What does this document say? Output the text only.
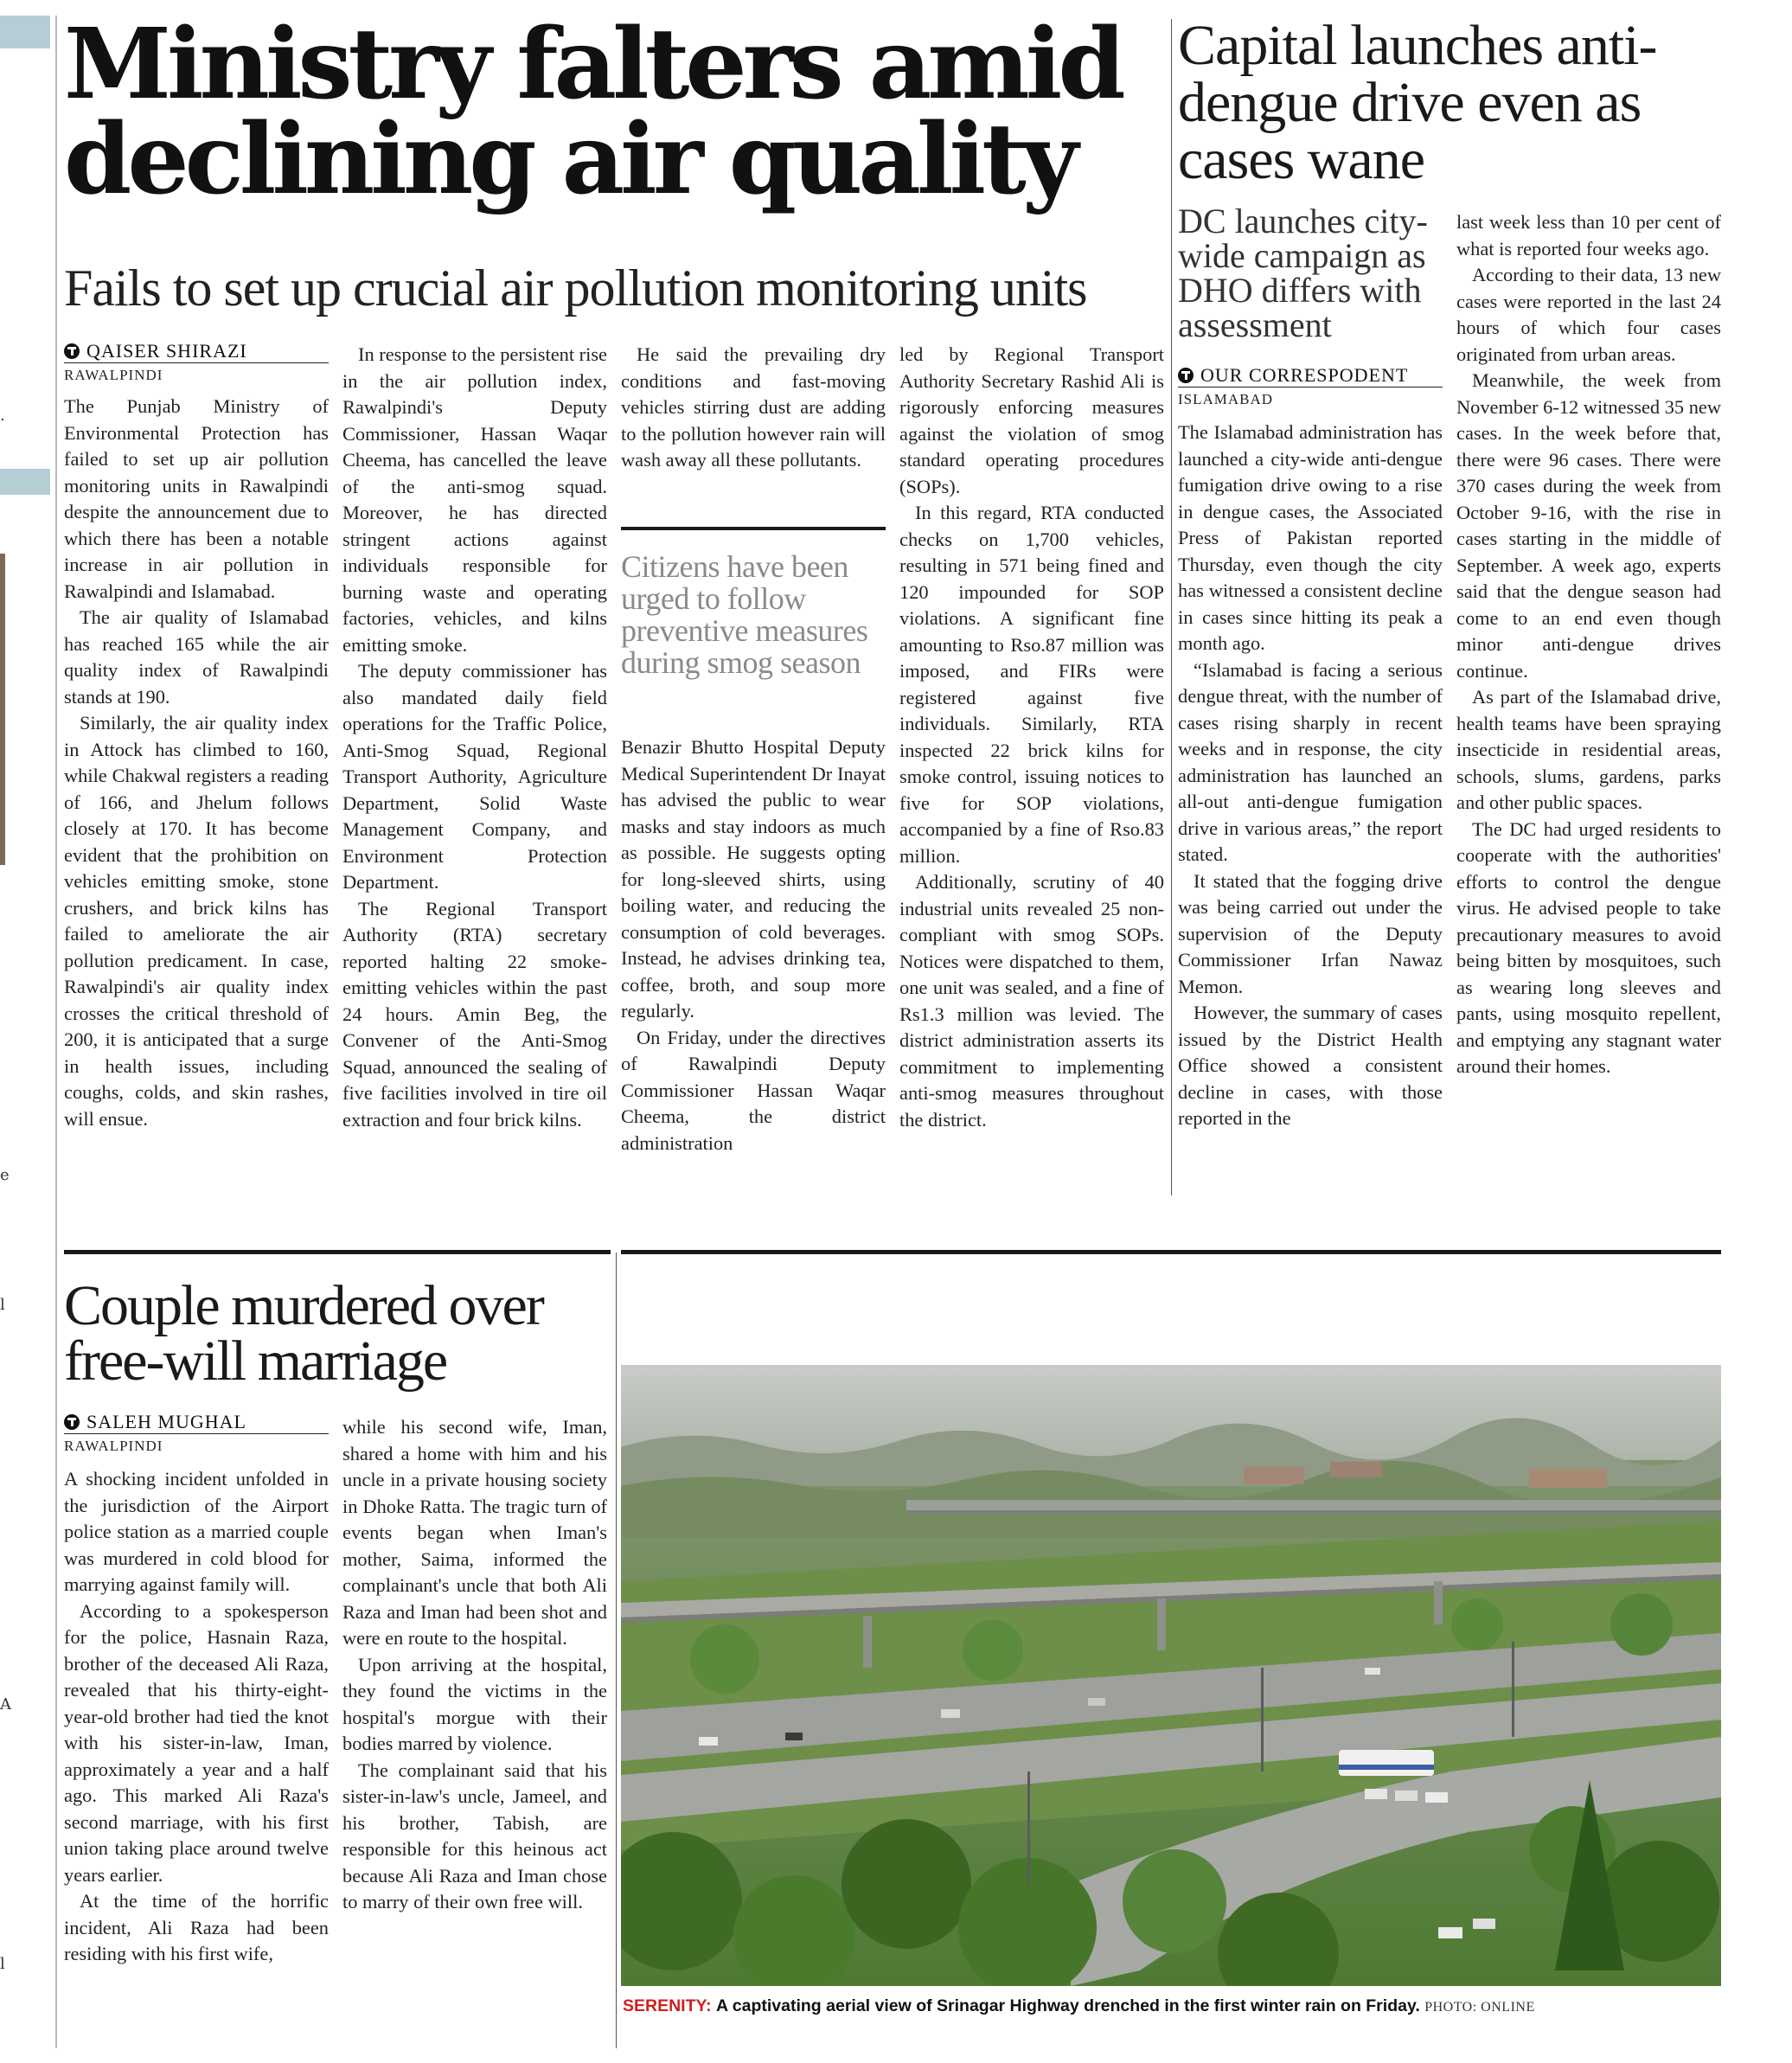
.
e
l
A
l
Ministry falters amid
declining air quality
Fails to set up crucial air pollution monitoring units
QAISER SHIRAZI
RAWALPINDI

The Punjab Ministry of Environmental Protection has failed to set up air pollution monitoring units in Rawalpindi despite the announcement due to which there has been a notable increase in air pollution in Rawalpindi and Islamabad.

The air quality of Islamabad has reached 165 while the air quality index of Rawalpindi stands at 190.

Similarly, the air quality index in Attock has climbed to 160, while Chakwal registers a reading of 166, and Jhelum follows closely at 170. It has become evident that the prohibition on vehicles emitting smoke, stone crushers, and brick kilns has failed to ameliorate the air pollution predicament. In case, Rawalpindi's air quality index crosses the critical threshold of 200, it is anticipated that a surge in health issues, including coughs, colds, and skin rashes, will ensue.

In response to the persistent rise in the air pollution index, Rawalpindi's Deputy Commissioner, Hassan Waqar Cheema, has cancelled the leave of the anti-smog squad. Moreover, he has directed stringent actions against individuals responsible for burning waste and operating factories, vehicles, and kilns emitting smoke.

The deputy commissioner has also mandated daily field operations for the Traffic Police, Anti-Smog Squad, Regional Transport Authority, Agriculture Department, Solid Waste Management Company, and Environment Protection Department.

The Regional Transport Authority (RTA) secretary reported halting 22 smoke-emitting vehicles within the past 24 hours. Amin Beg, the Convener of the Anti-Smog Squad, announced the sealing of five facilities involved in tire oil extraction and four brick kilns.

He said the prevailing dry conditions and fast-moving vehicles stirring dust are adding to the pollution however rain will wash away all these pollutants.

Citizens have been urged to follow preventive measures during smog season

Benazir Bhutto Hospital Deputy Medical Superintendent Dr Inayat has advised the public to wear masks and stay indoors as much as possible. He suggests opting for long-sleeved shirts, using boiling water, and reducing the consumption of cold beverages. Instead, he advises drinking tea, coffee, broth, and soup more regularly.

On Friday, under the directives of Rawalpindi Deputy Commissioner Hassan Waqar Cheema, the district administration

led by Regional Transport Authority Secretary Rashid Ali is rigorously enforcing measures against the violation of smog standard operating procedures (SOPs).

In this regard, RTA conducted checks on 1,700 vehicles, resulting in 571 being fined and 120 impounded for SOP violations. A significant fine amounting to Rso.87 million was imposed, and FIRs were registered against five individuals. Similarly, RTA inspected 22 brick kilns for smoke control, issuing notices to five for SOP violations, accompanied by a fine of Rso.83 million.

Additionally, scrutiny of 40 industrial units revealed 25 non-compliant with smog SOPs. Notices were dispatched to them, one unit was sealed, and a fine of Rs1.3 million was levied. The district administration asserts its commitment to implementing anti-smog measures throughout the district.

Capital launches anti-dengue drive even as cases wane
DC launches city-wide campaign as DHO differs with assessment
OUR CORRESPODENT
ISLAMABAD

The Islamabad administration has launched a city-wide anti-dengue fumigation drive owing to a rise in dengue cases, the Associated Press of Pakistan reported Thursday, even though the city has witnessed a consistent decline in cases since hitting its peak a month ago.

“Islamabad is facing a serious dengue threat, with the number of cases rising sharply in recent weeks and in response, the city administration has launched an all-out anti-dengue fumigation drive in various areas,” the report stated.

It stated that the fogging drive was being carried out under the supervision of the Deputy Commissioner Irfan Nawaz Memon.

However, the summary of cases issued by the District Health Office showed a consistent decline in cases, with those reported in the

last week less than 10 per cent of what is reported four weeks ago.

According to their data, 13 new cases were reported in the last 24 hours of which four cases originated from urban areas.

Meanwhile, the week from November 6-12 witnessed 35 new cases. In the week before that, there were 96 cases. There were 370 cases during the week from October 9-16, with the rise in cases starting in the middle of September. A week ago, experts said that the dengue season had come to an end even though minor anti-dengue drives continue.

As part of the Islamabad drive, health teams have been spraying insecticide in residential areas, schools, slums, gardens, parks and other public spaces.

The DC had urged residents to cooperate with the authorities' efforts to control the dengue virus. He advised people to take precautionary measures to avoid being bitten by mosquitoes, such as wearing long sleeves and pants, using mosquito repellent, and emptying any stagnant water around their homes.

Couple murdered over
free-will marriage
SALEH MUGHAL
RAWALPINDI

A shocking incident unfolded in the jurisdiction of the Airport police station as a married couple was murdered in cold blood for marrying against family will.

According to a spokesperson for the police, Hasnain Raza, brother of the deceased Ali Raza, revealed that his thirty-eight-year-old brother had tied the knot with his sister-in-law, Iman, approximately a year and a half ago. This marked Ali Raza's second marriage, with his first union taking place around twelve years earlier.

At the time of the horrific incident, Ali Raza had been residing with his first wife,

while his second wife, Iman, shared a home with him and his uncle in a private housing society in Dhoke Ratta. The tragic turn of events began when Iman's mother, Saima, informed the complainant's uncle that both Ali Raza and Iman had been shot and were en route to the hospital.

Upon arriving at the hospital, they found the victims in the hospital's morgue with their bodies marred by violence.

The complainant said that his sister-in-law's uncle, Jameel, and his brother, Tabish, are responsible for this heinous act because Ali Raza and Iman chose to marry of their own free will.

SERENITY: A captivating aerial view of Srinagar Highway drenched in the first winter rain on Friday. PHOTO: ONLINE
